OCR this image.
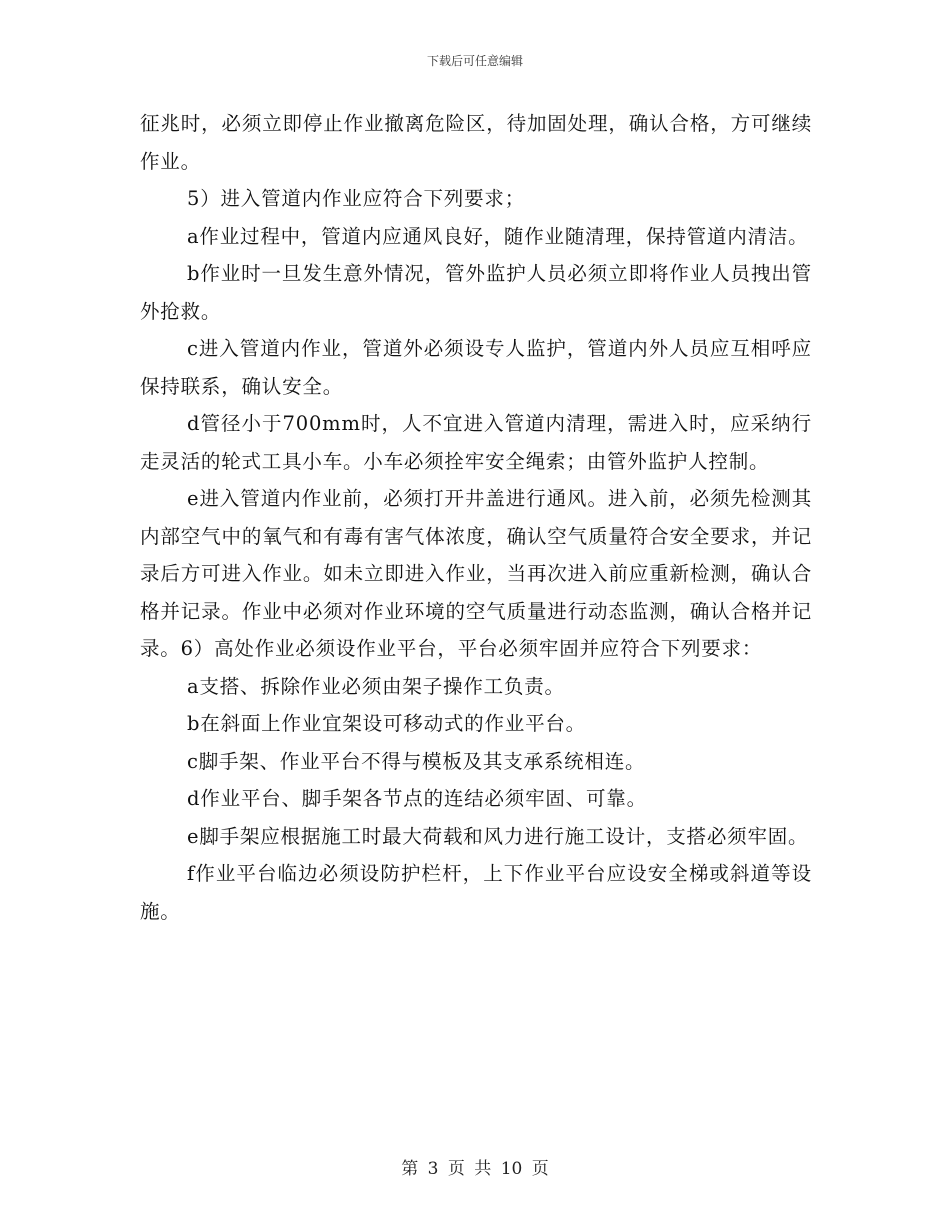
下载后可任意编辑

征兆时，必须立即停止作业撤离危险区，待加固处理，确认合格，方可继续作业。

5）进入管道内作业应符合下列要求；

a作业过程中，管道内应通风良好，随作业随清理，保持管道内清洁。

b作业时一旦发生意外情况，管外监护人员必须立即将作业人员拽出管外抢救。

c进入管道内作业，管道外必须设专人监护，管道内外人员应互相呼应保持联系，确认安全。

d管径小于700mm时，人不宜进入管道内清理，需进入时，应采纳行走灵活的轮式工具小车。小车必须拴牢安全绳索；由管外监护人控制。

e进入管道内作业前，必须打开井盖进行通风。进入前，必须先检测其内部空气中的氧气和有毒有害气体浓度，确认空气质量符合安全要求，并记录后方可进入作业。如未立即进入作业，当再次进入前应重新检测，确认合格并记录。作业中必须对作业环境的空气质量进行动态监测，确认合格并记录。6）高处作业必须设作业平台，平台必须牢固并应符合下列要求：

a支搭、拆除作业必须由架子操作工负责。

b在斜面上作业宜架设可移动式的作业平台。

c脚手架、作业平台不得与模板及其支承系统相连。

d作业平台、脚手架各节点的连结必须牢固、可靠。

e脚手架应根据施工时最大荷载和风力进行施工设计，支搭必须牢固。

f作业平台临边必须设防护栏杆，上下作业平台应设安全梯或斜道等设施。

第 3 页 共 10 页
